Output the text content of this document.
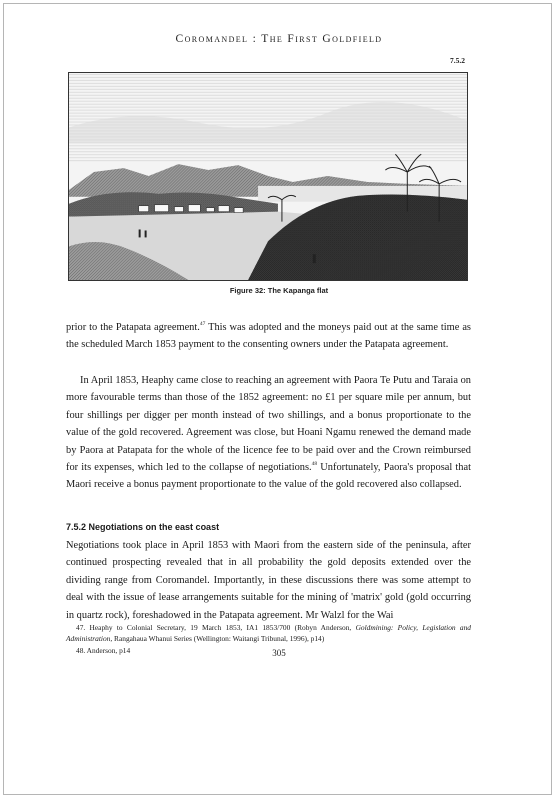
Coromandel : The First Goldfield
7.5.2
Figure 32: The Kapanga flat

prior to the Patapata agreement.$^{47}$ This was adopted and the moneys paid out at the same time as the scheduled March 1853 payment to the consenting owners under the Patapata agreement.

In April 1853, Heaphy came close to reaching an agreement with Paora Te Putu and Taraia on more favourable terms than those of the 1852 agreement: no £1 per square mile per annum, but four shillings per digger per month instead of two shillings, and a bonus proportionate to the value of the gold recovered. Agreement was close, but Hoani Ngamu renewed the demand made by Paora at Patapata for the whole of the licence fee to be paid over and the Crown reimbursed for its expenses, which led to the collapse of negotiations.$^{48}$ Unfortunately, Paora's proposal that Maori receive a bonus payment proportionate to the value of the gold recovered also collapsed.

7.5.2 Negotiations on the east coast

Negotiations took place in April 1853 with Maori from the eastern side of the peninsula, after continued prospecting revealed that in all probability the gold deposits extended over the dividing range from Coromandel. Importantly, in these discussions there was some attempt to deal with the issue of lease arrangements suitable for the mining of 'matrix' gold (gold occurring in quartz rock), foreshadowed in the Patapata agreement. Mr Walzl for the Wai

47. Heaphy to Colonial Secretary, 19 March 1853, IA1 1853/700 (Robyn Anderson, Goldmining: Policy, Legislation and Administration, Rangahaua Whanui Series (Wellington: Waitangi Tribunal, 1996), p14)

48. Anderson, p14	305
